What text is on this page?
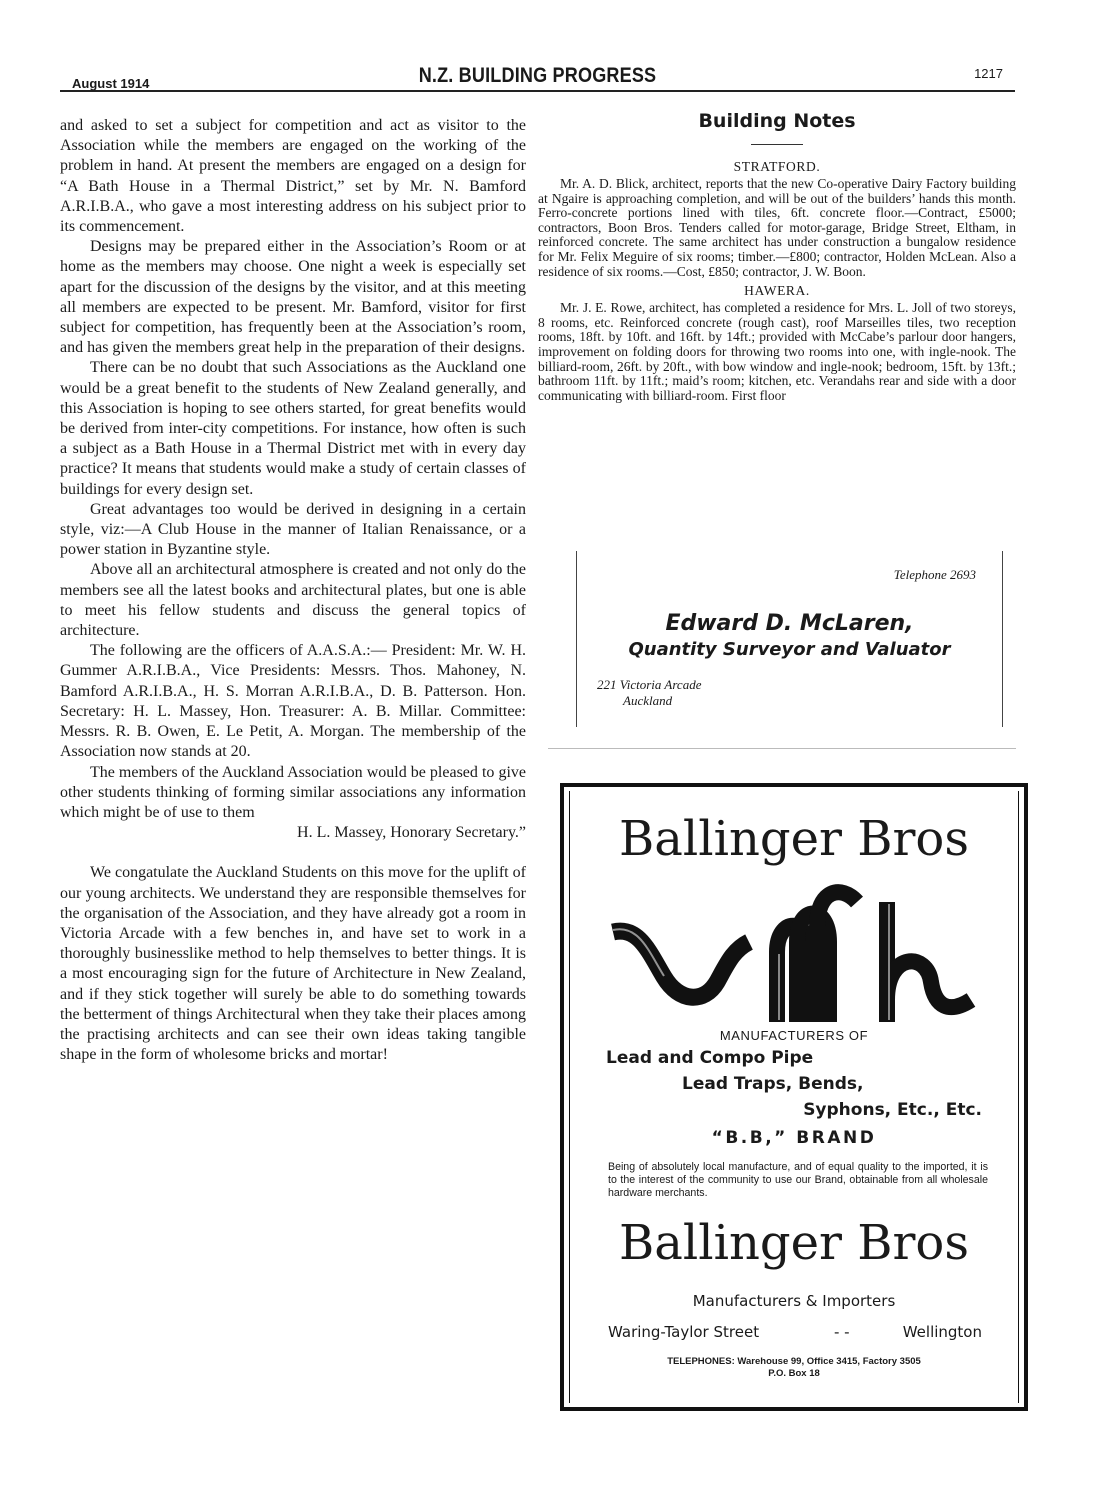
August 1914	N.Z. BUILDING PROGRESS	1217

and asked to set a subject for competition and act as visitor to the Association while the members are engaged on the working of the problem in hand. At present the members are engaged on a design for “A Bath House in a Thermal District,” set by Mr. N. Bamford A.R.I.B.A., who gave a most interesting address on his subject prior to its commencement.

Designs may be prepared either in the Association’s Room or at home as the members may choose. One night a week is especially set apart for the discussion of the designs by the visitor, and at this meeting all members are expected to be present. Mr. Bamford, visitor for first subject for competition, has frequently been at the Association’s room, and has given the members great help in the preparation of their designs.

There can be no doubt that such Associations as the Auckland one would be a great benefit to the students of New Zealand generally, and this Association is hoping to see others started, for great benefits would be derived from inter-city competitions. For instance, how often is such a subject as a Bath House in a Thermal District met with in every day practice? It means that students would make a study of certain classes of buildings for every design set.

Great advantages too would be derived in designing in a certain style, viz:—A Club House in the manner of Italian Renaissance, or a power station in Byzantine style.

Above all an architectural atmosphere is created and not only do the members see all the latest books and architectural plates, but one is able to meet his fellow students and discuss the general topics of architecture.

The following are the officers of A.A.S.A.:— President: Mr. W. H. Gummer A.R.I.B.A., Vice Presidents: Messrs. Thos. Mahoney, N. Bamford A.R.I.B.A., H. S. Morran A.R.I.B.A., D. B. Patterson. Hon. Secretary: H. L. Massey, Hon. Treasurer: A. B. Millar. Committee: Messrs. R. B. Owen, E. Le Petit, A. Morgan. The membership of the Association now stands at 20.

The members of the Auckland Association would be pleased to give other students thinking of forming similar associations any information which might be of use to them

H. L. Massey, Honorary Secretary.”

We congatulate the Auckland Students on this move for the uplift of our young architects. We understand they are responsible themselves for the organisation of the Association, and they have already got a room in Victoria Arcade with a few benches in, and have set to work in a thoroughly businesslike method to help themselves to better things. It is a most encouraging sign for the future of Architecture in New Zealand, and if they stick together will surely be able to do something towards the betterment of things Architectural when they take their places among the practising architects and can see their own ideas taking tangible shape in the form of wholesome bricks and mortar!

Building Notes

STRATFORD.

Mr. A. D. Blick, architect, reports that the new Co-operative Dairy Factory building at Ngaire is approaching completion, and will be out of the builders’ hands this month. Ferro-concrete portions lined with tiles, 6ft. concrete floor.—Contract, £5000; contractors, Boon Bros. Tenders called for motor-garage, Bridge Street, Eltham, in reinforced concrete. The same architect has under construction a bungalow residence for Mr. Felix Meguire of six rooms; timber.—£800; contractor, Holden McLean. Also a residence of six rooms.—Cost, £850; contractor, J. W. Boon.

HAWERA.

Mr. J. E. Rowe, architect, has completed a residence for Mrs. L. Joll of two storeys, 8 rooms, etc. Reinforced concrete (rough cast), roof Marseilles tiles, two reception rooms, 18ft. by 10ft. and 16ft. by 14ft.; provided with McCabe’s parlour door hangers, improvement on folding doors for throwing two rooms into one, with ingle-nook. The billiard-room, 26ft. by 20ft., with bow window and ingle-nook; bedroom, 15ft. by 13ft.; bathroom 11ft. by 11ft.; maid’s room; kitchen, etc. Verandahs rear and side with a door communicating with billiard-room. First floor

Telephone 2693
Edward D. McLaren,
Quantity Surveyor and Valuator
221 Victoria Arcade
Auckland
Ballinger Bros
MANUFACTURERS OF
Lead and Compo Pipe
Lead Traps, Bends,
Syphons, Etc., Etc.
“B.B,” BRAND
Being of absolutely local manufacture, and of equal quality to the imported, it is to the interest of the community to use our Brand, obtainable from all wholesale hardware merchants.
Ballinger Bros
Manufacturers & Importers
Waring-Taylor Street	- -	Wellington
TELEPHONES: Warehouse 99, Office 3415, Factory 3505
P.O. Box 18
